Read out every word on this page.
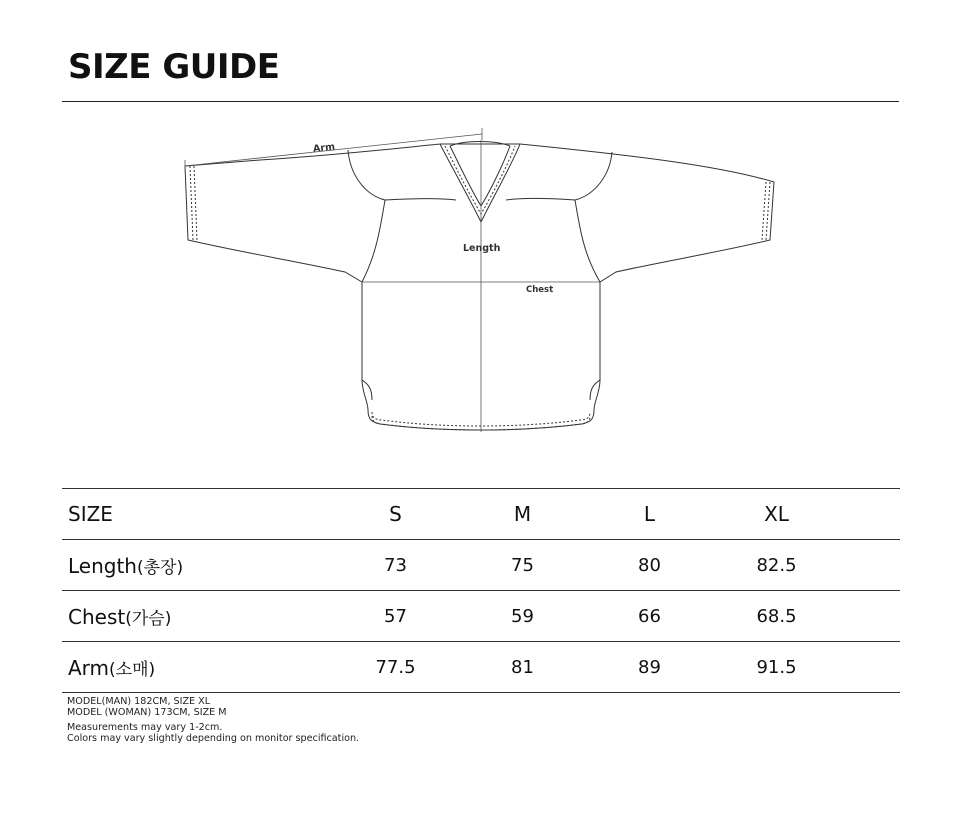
SIZE GUIDE
Arm
Length
Chest
SIZE	S	M	L	XL	
Length(총장)	73	75	80	82.5	
Chest(가슴)	57	59	66	68.5	
Arm(소매)	77.5	81	89	91.5	
MODEL(MAN) 182CM, SIZE XL
MODEL (WOMAN) 173CM, SIZE M
Measurements may vary 1-2cm.
Colors may vary slightly depending on monitor specification.
